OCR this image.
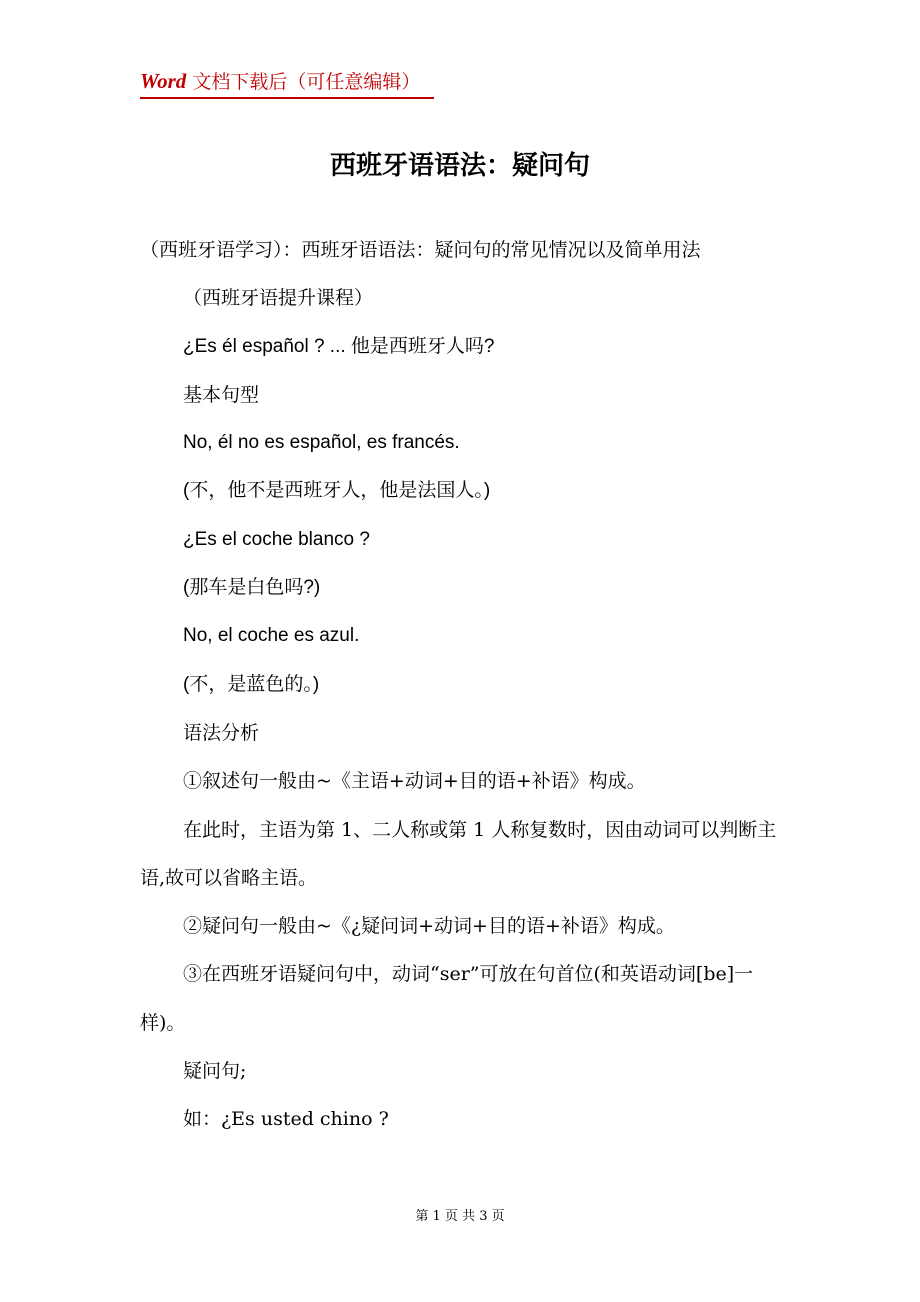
Word 文档下载后（可任意编辑）
西班牙语语法：疑问句

（西班牙语学习）：西班牙语语法：疑问句的常见情况以及简单用法

（西班牙语提升课程）

¿Es él español ? ... 他是西班牙人吗?

基本句型

No, él no es español, es francés.

(不，他不是西班牙人，他是法国人。)

¿Es el coche blanco ?

(那车是白色吗?)

No, el coche es azul.

(不，是蓝色的。)

语法分析

①叙述句一般由~《主语+动词+目的语+补语》构成。

在此时，主语为第 1、二人称或第 1 人称复数时，因由动词可以判断主语,故可以省略主语。

②疑问句一般由~《¿疑问词+动词+目的语+补语》构成。

③在西班牙语疑问句中，动词“ser”可放在句首位(和英语动词[be]一样)。

疑问句;

如：¿Es usted chino ?

第 1 页 共 3 页
